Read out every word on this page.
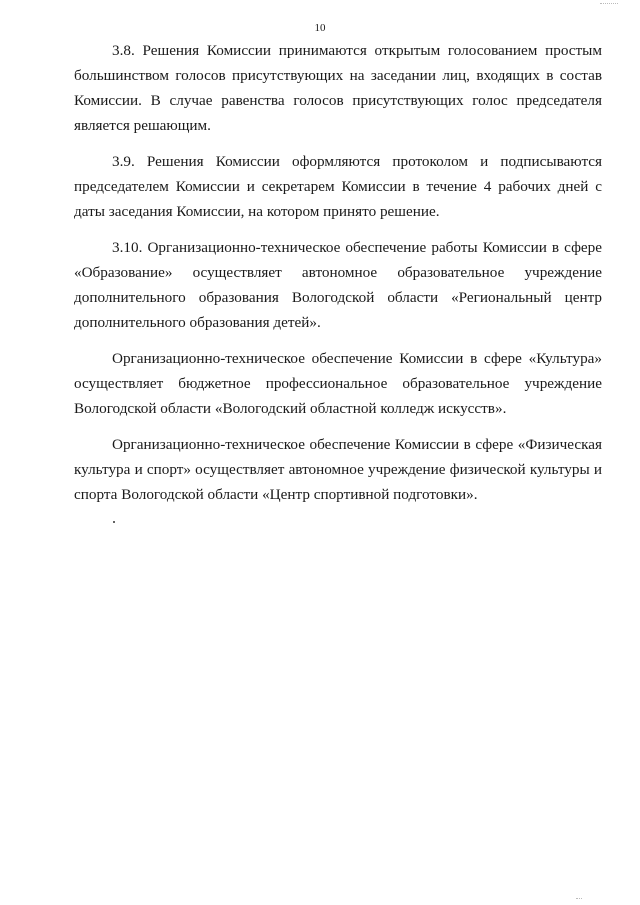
10

3.8. Решения Комиссии принимаются открытым голосованием простым большинством голосов присутствующих на заседании лиц, входящих в состав Комиссии. В случае равенства голосов присутствующих голос председателя является решающим.

3.9. Решения Комиссии оформляются протоколом и подписываются председателем Комиссии и секретарем Комиссии в течение 4 рабочих дней с даты заседания Комиссии, на котором принято решение.

3.10. Организационно-техническое обеспечение работы Комиссии в сфере «Образование» осуществляет автономное образовательное учреждение дополнительного образования Вологодской области «Региональный центр дополнительного образования детей».

Организационно-техническое обеспечение Комиссии в сфере «Культура» осуществляет бюджетное профессиональное образовательное учреждение Вологодской области «Вологодский областной колледж искусств».

Организационно-техническое обеспечение Комиссии в сфере «Физическая культура и спорт» осуществляет автономное учреждение физической культуры и спорта Вологодской области «Центр спортивной подготовки».
